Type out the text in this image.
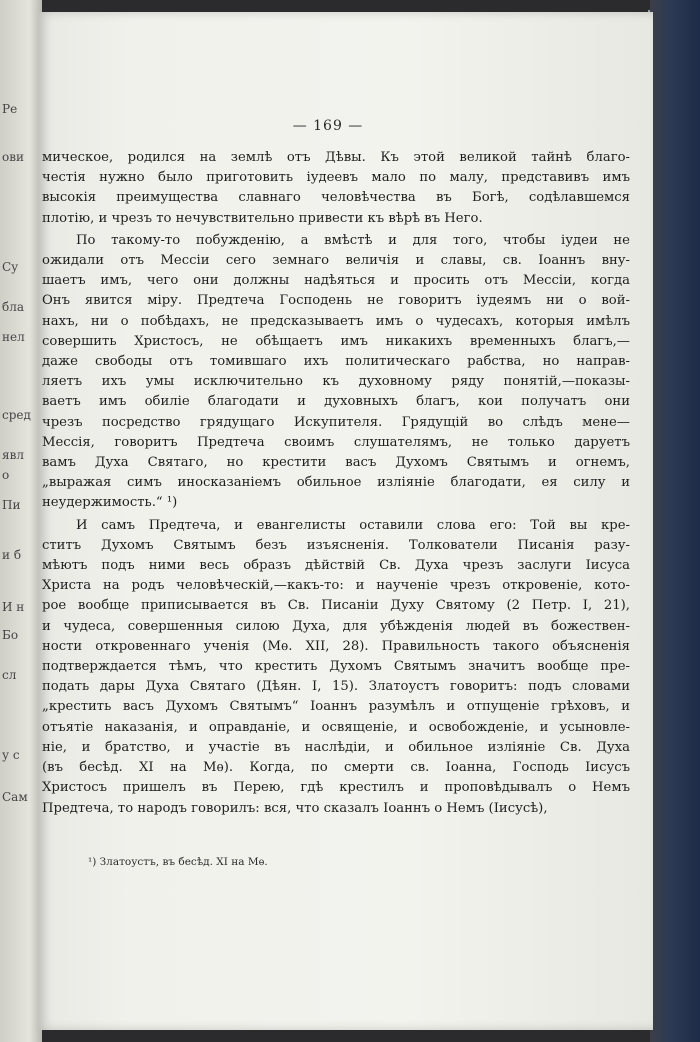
Ре
ови
Су
бла
нел
сред
явл
о
Пи
и б
И н
Бо
сл
у с
Сам
— 169 —
мическое, родился на землѣ отъ Дѣвы. Къ этой великой тайнѣ благо-
честія нужно было приготовить іудеевъ мало по малу, представивъ имъ
высокія преимущества славнаго человѣчества въ Богѣ, содѣлавшемся
плотію, и чрезъ то нечувствительно привести къ вѣрѣ въ Него.
По такому-то побужденію, а вмѣстѣ и для того, чтобы іудеи не
ожидали отъ Мессіи сего земнаго величія и славы, св. Іоаннъ вну-
шаетъ имъ, чего они должны надѣяться и просить отъ Мессіи, когда
Онъ явится міру. Предтеча Господень не говоритъ іудеямъ ни о вой-
нахъ, ни о побѣдахъ, не предсказываетъ имъ о чудесахъ, которыя имѣлъ
совершить Христосъ, не обѣщаетъ имъ никакихъ временныхъ благъ,—
даже свободы отъ томившаго ихъ политическаго рабства, но направ-
ляетъ ихъ умы исключительно къ духовному ряду понятій,—показы-
ваетъ имъ обиліе благодати и духовныхъ благъ, кои получатъ они
чрезъ посредство грядущаго Искупителя. Грядущій во слѣдъ мене—
Мессія, говоритъ Предтеча своимъ слушателямъ, не только даруетъ
вамъ Духа Святаго, но крестити васъ Духомъ Святымъ и огнемъ,
„выражая симъ иносказаніемъ обильное изліяніе благодати, ея силу и
неудержимость.“ ¹)
И самъ Предтеча, и евангелисты оставили слова его: Той вы кре-
ститъ Духомъ Святымъ безъ изъясненія. Толкователи Писанія разу-
мѣютъ подъ ними весь образъ дѣйствій Св. Духа чрезъ заслуги Іисуса
Христа на родъ человѣческій,—какъ-то: и наученіе чрезъ откровеніе, кото-
рое вообще приписывается въ Св. Писаніи Духу Святому (2 Петр. I, 21),
и чудеса, совершенныя силою Духа, для убѣжденія людей въ божествен-
ности откровеннаго ученія (Мѳ. XII, 28). Правильность такого объясненія
подтверждается тѣмъ, что крестить Духомъ Святымъ значитъ вообще пре-
подать дары Духа Святаго (Дѣян. I, 15). Златоустъ говоритъ: подъ словами
„крестить васъ Духомъ Святымъ“ Іоаннъ разумѣлъ и отпущеніе грѣховъ, и
отъятіе наказанія, и оправданіе, и освященіе, и освобожденіе, и усыновле-
ніе, и братство, и участіе въ наслѣдіи, и обильное изліяніе Св. Духа
(въ бесѣд. XI на Мѳ). Когда, по смерти св. Іоанна, Господь Іисусъ
Христосъ пришелъ въ Перею, гдѣ крестилъ и проповѣдывалъ о Немъ
Предтеча, то народъ говорилъ: вся, что сказалъ Іоаннъ о Немъ (Іисусѣ),
¹) Златоустъ, въ бесѣд. XI на Мѳ.
